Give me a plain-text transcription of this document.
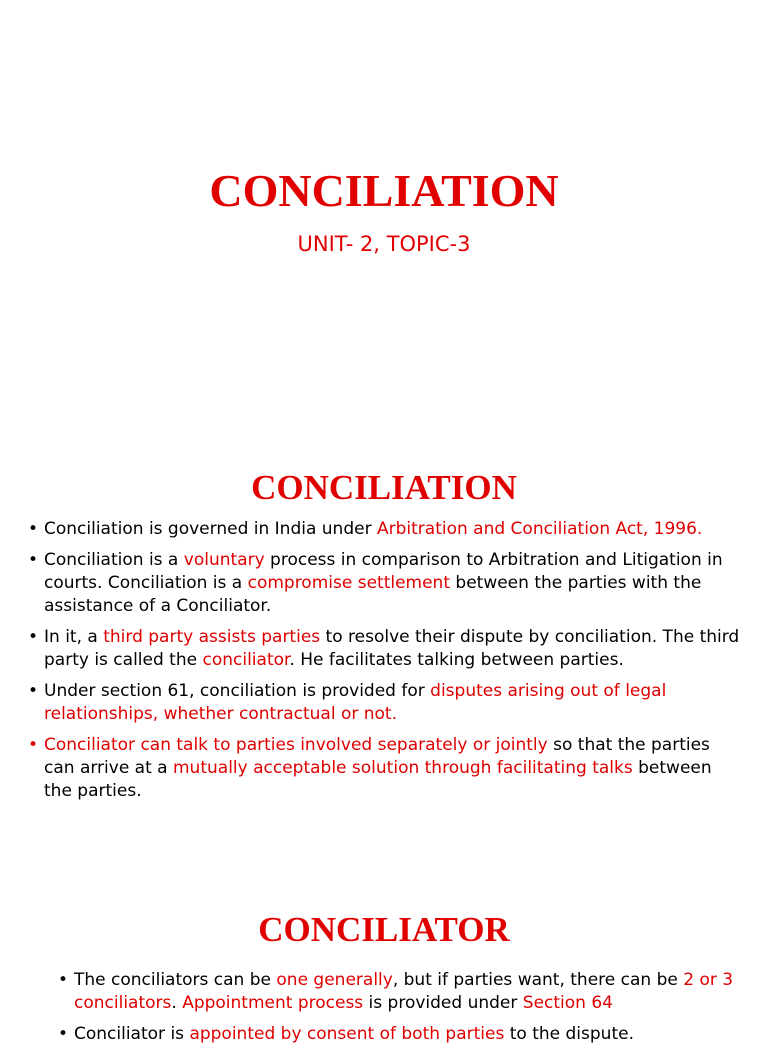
CONCILIATION
UNIT- 2, TOPIC-3
CONCILIATION
• Conciliation is governed in India under Arbitration and Conciliation Act, 1996.
• Conciliation is a voluntary process in comparison to Arbitration and Litigation in courts. Conciliation is a compromise settlement between the parties with the assistance of a Conciliator.
• In it, a third party assists parties to resolve their dispute by conciliation. The third party is called the conciliator. He facilitates talking between parties.
• Under section 61, conciliation is provided for disputes arising out of legal relationships, whether contractual or not.
• Conciliator can talk to parties involved separately or jointly so that the parties can arrive at a mutually acceptable solution through facilitating talks between the parties.
CONCILIATOR
• The conciliators can be one generally, but if parties want, there can be 2 or 3 conciliators. Appointment process is provided under Section 64
• Conciliator is appointed by consent of both parties to the dispute.
